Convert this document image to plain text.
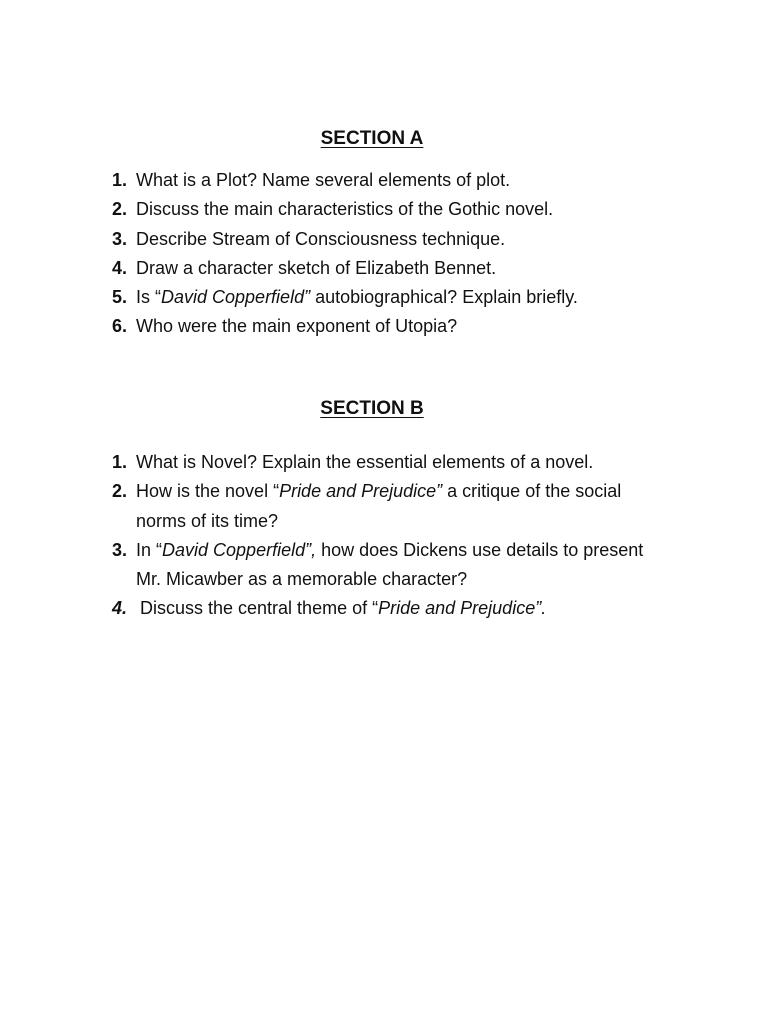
SECTION A
1. What is a Plot? Name several elements of plot.
2. Discuss the main characteristics of the Gothic novel.
3. Describe Stream of Consciousness technique.
4. Draw a character sketch of Elizabeth Bennet.
5. Is “David Copperfield” autobiographical? Explain briefly.
6. Who were the main exponent of Utopia?
SECTION B
1. What is Novel? Explain the essential elements of a novel.
2. How is the novel “Pride and Prejudice” a critique of the social norms of its time?
3. In “David Copperfield”, how does Dickens use details to present Mr. Micawber as a memorable character?
4. Discuss the central theme of “Pride and Prejudice”.
